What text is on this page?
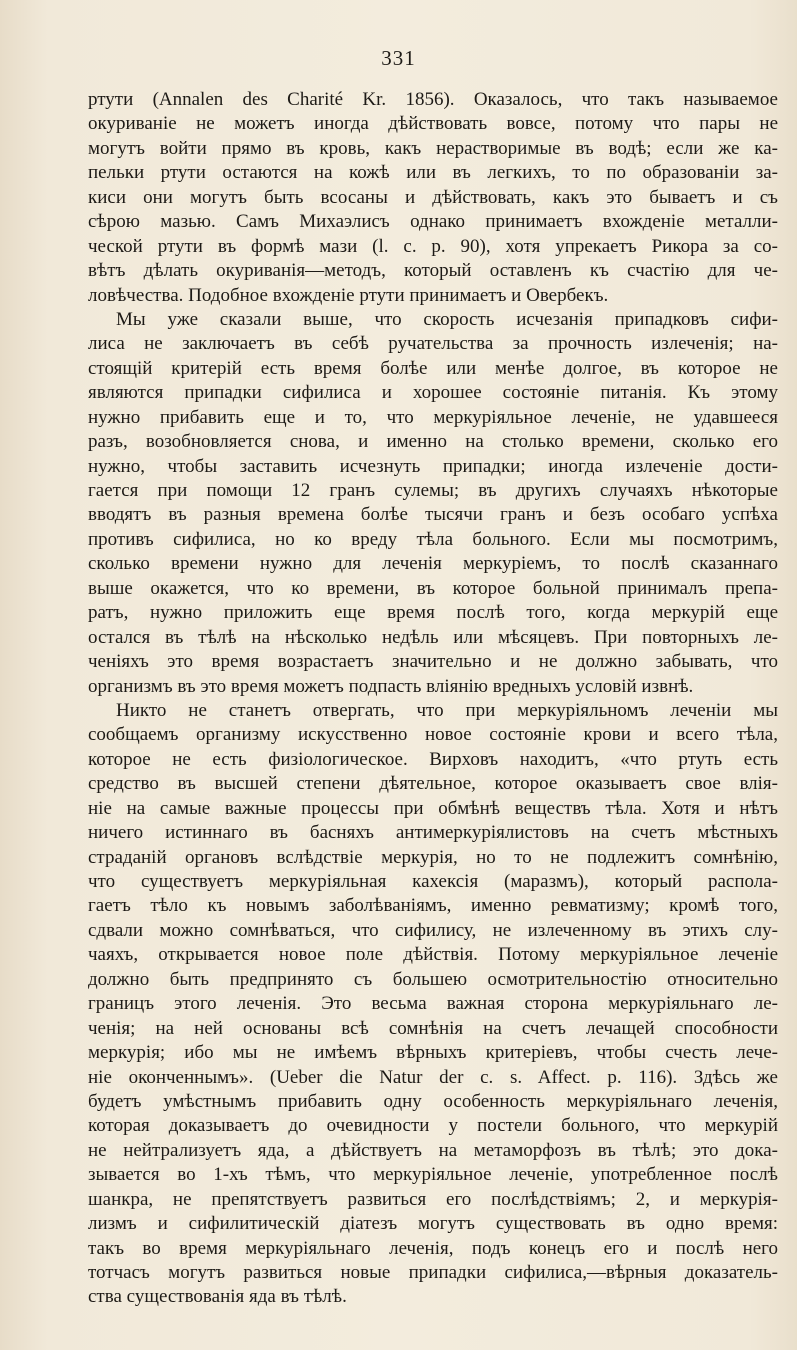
331
ртути (Annalen des Charité Kr. 1856). Оказалось, что такъ называемое
окуриваніе не можетъ иногда дѣйствовать вовсе, потому что пары не
могутъ войти прямо въ кровь, какъ нерастворимые въ водѣ; если же ка-
пельки ртути остаются на кожѣ или въ легкихъ, то по образованіи за-
киси они могутъ быть всосаны и дѣйствовать, какъ это бываетъ и съ
сѣрою мазью. Самъ Михаэлисъ однако принимаетъ вхожденіе металли-
ческой ртути въ формѣ мази (l. c. p. 90), хотя упрекаетъ Рикора за со-
вѣтъ дѣлать окуриванія—методъ, который оставленъ къ счастію для че-
ловѣчества. Подобное вхожденіе ртути принимаетъ и Овербекъ.
Мы уже сказали выше, что скорость исчезанія припадковъ сифи-
лиса не заключаетъ въ себѣ ручательства за прочность излеченія; на-
стоящій критерій есть время болѣе или менѣе долгое, въ которое не
являются припадки сифилиса и хорошее состояніе питанія. Къ этому
нужно прибавить еще и то, что меркуріяльное леченіе, не удавшееся
разъ, возобновляется снова, и именно на столько времени, сколько его
нужно, чтобы заставить исчезнуть припадки; иногда излеченіе дости-
гается при помощи 12 гранъ сулемы; въ другихъ случаяхъ нѣкоторые
вводятъ въ разныя времена болѣе тысячи гранъ и безъ особаго успѣха
противъ сифилиса, но ко вреду тѣла больного. Если мы посмотримъ,
сколько времени нужно для леченія меркуріемъ, то послѣ сказаннаго
выше окажется, что ко времени, въ которое больной принималъ препа-
ратъ, нужно приложить еще время послѣ того, когда меркурій еще
остался въ тѣлѣ на нѣсколько недѣль или мѣсяцевъ. При повторныхъ ле-
ченіяхъ это время возрастаетъ значительно и не должно забывать, что
организмъ въ это время можетъ подпасть вліянію вредныхъ условій извнѣ.
Никто не станетъ отвергать, что при меркуріяльномъ леченіи мы
сообщаемъ организму искусственно новое состояніе крови и всего тѣла,
которое не есть физіологическое. Вирховъ находитъ, «что ртуть есть
средство въ высшей степени дѣятельное, которое оказываетъ свое влія-
ніе на самые важные процессы при обмѣнѣ веществъ тѣла. Хотя и нѣтъ
ничего истиннаго въ басняхъ антимеркуріялистовъ на счетъ мѣстныхъ
страданій органовъ вслѣдствіе меркурія, но то не подлежитъ сомнѣнію,
что существуетъ меркуріяльная кахексія (маразмъ), который распола-
гаетъ тѣло къ новымъ заболѣваніямъ, именно ревматизму; кромѣ того,
сдвали можно сомнѣваться, что сифилису, не излеченному въ этихъ слу-
чаяхъ, открывается новое поле дѣйствія. Потому меркуріяльное леченіе
должно быть предпринято съ большею осмотрительностію относительно
границъ этого леченія. Это весьма важная сторона меркуріяльнаго ле-
ченія; на ней основаны всѣ сомнѣнія на счетъ лечащей способности
меркурія; ибо мы не имѣемъ вѣрныхъ критеріевъ, чтобы счесть лече-
ніе оконченнымъ». (Ueber die Natur der c. s. Affect. p. 116). Здѣсь же
будетъ умѣстнымъ прибавить одну особенность меркуріяльнаго леченія,
которая доказываетъ до очевидности у постели больного, что меркурій
не нейтрализуетъ яда, а дѣйствуетъ на метаморфозъ въ тѣлѣ; это дока-
зывается во 1-хъ тѣмъ, что меркуріяльное леченіе, употребленное послѣ
шанкра, не препятствуетъ развиться его послѣдствіямъ; 2, и меркурія-
лизмъ и сифилитическій діатезъ могутъ существовать въ одно время:
такъ во время меркуріяльнаго леченія, подъ конецъ его и послѣ него
тотчасъ могутъ развиться новые припадки сифилиса,—вѣрныя доказатель-
ства существованія яда въ тѣлѣ.
